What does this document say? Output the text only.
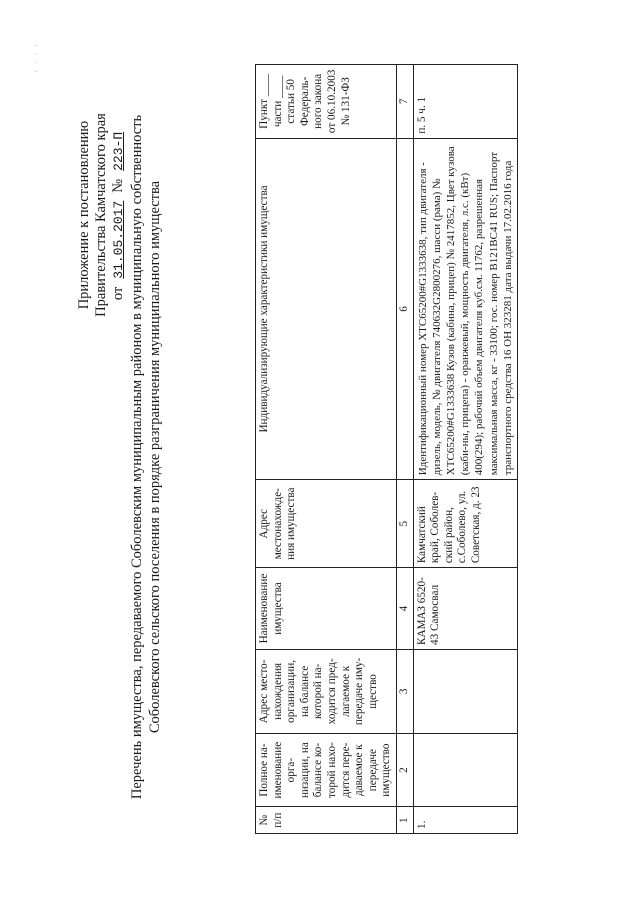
· · · ·
Приложение к постановлению Правительства Камчатского края от
31.05.2017
№
223-П Перечень имущества, передаваемого Соболевским муниципальным районом в муниципальную собственность Соболевского сельского поселения в порядке разграничения муниципального имущества
№ п/п	Полное на-именование орга-низации, на балансе ко-торой нахо-дится пере-даваемое к передаче имущество	Адрес место-нахождения организации, на балансе которой на-ходится пред-лагаемое к передаче иму-щество	Наименование имущества	Адрес местонахожде-ния имущества	Индивидуализирующие характеристики имущества	Пункт ____ части ____ статьи 50 Федераль-ного закона от 06.10.2003 № 131-ФЗ
1	2	3	4	5	6	7
1.			КАМАЗ 6520-43 Самосвал	Камчатский край, Соболев-ский район, с.Соболево, ул. Советская, д. 23	Идентификационный номер XTC65200#G1333638, тип двигателя - дизель, модель, № двигателя 740632G2800276, шасси (рама) № XTC65200#G1333638 Кузов (кабина, прицеп) № 2417852, Цвет кузова (каби-ны, прицепа) - оранжевый, мощность двигателя, л.с. (кВт) 400(294); рабочий объем двигателя куб.см. 11762, разрешенная максимальная масса, кг - 33100; гос. номер В121ВС41 RUS; Паспорт транспортного средства 16 ОН 323281 дата выдачи 17.02.2016 года	п. 5 ч. 1
